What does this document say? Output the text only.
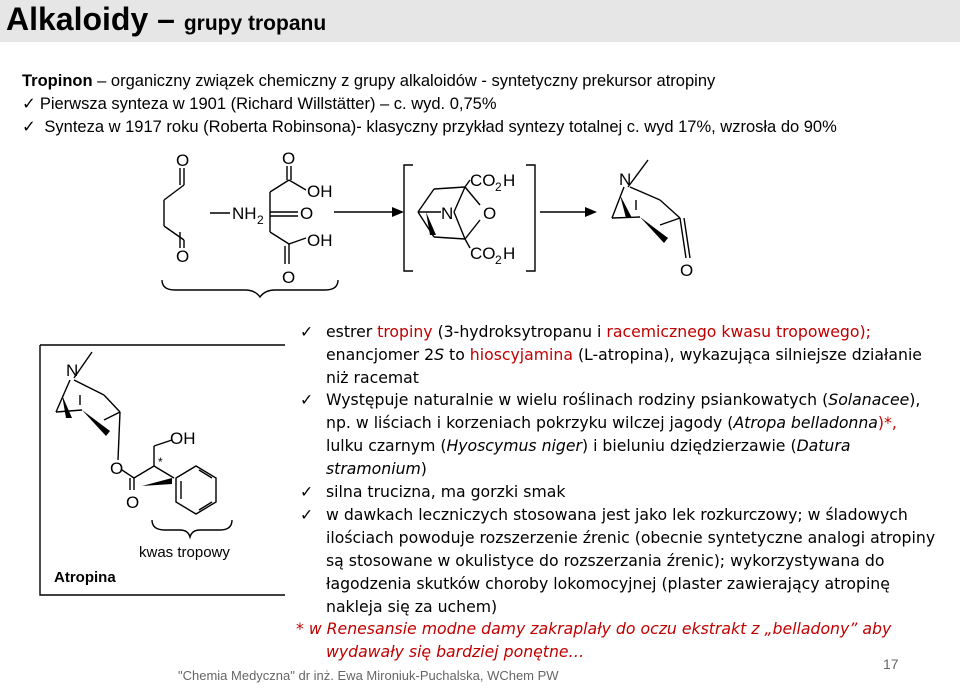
Alkaloidy – grupy tropanu
Tropinon – organiczny związek chemiczny z grupy alkaloidów - syntetyczny prekursor atropiny
✓ Pierwsza synteza w 1901 (Richard Willstätter) – c. wyd. 0,75%
✓ Synteza w 1917 roku (Roberta Robinsona)- klasyczny przykład syntezy totalnej c. wyd 17%, wzrosła do 90%
O
O
NH 2
O
OH
O
OH
O
N O
CO 2 H
CO 2 H
N
O
N
O
O
OH
*
Atropina
kwas tropowy
✓ estrer tropiny (3-hydroksytropanu i racemicznego kwasu tropowego);
enancjomer 2S to hioscyjamina (L-atropina), wykazująca silniejsze działanie
niż racemat
✓ Występuje naturalnie w wielu roślinach rodziny psiankowatych (Solanacee),
np. w liściach i korzeniach pokrzyku wilczej jagody (Atropa belladonna)*,
lulku czarnym (Hyoscymus niger) i bieluniu dziędzierzawie (Datura
stramonium)
✓ silna trucizna, ma gorzki smak
✓ w dawkach leczniczych stosowana jest jako lek rozkurczowy; w śladowych
ilościach powoduje rozszerzenie źrenic (obecnie syntetyczne analogi atropiny
są stosowane w okulistyce do rozszerzania źrenic); wykorzystywana do
łagodzenia skutków choroby lokomocyjnej (plaster zawierający atropinę
nakleja się za uchem)
* w Renesansie modne damy zakraplały do oczu ekstrakt z „belladony” aby
wydawały się bardziej ponętne…
"Chemia Medyczna" dr inż. Ewa Mironiuk-Puchalska, WChem PW
17
